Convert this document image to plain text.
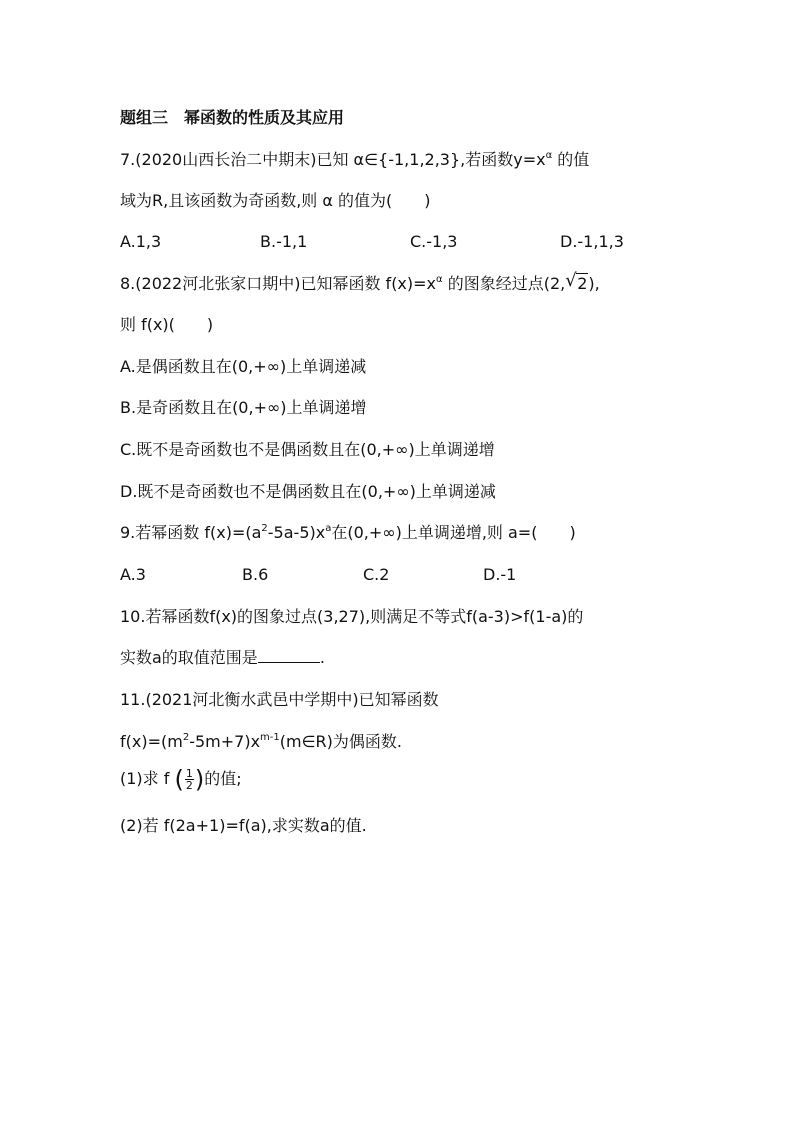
题组三　幂函数的性质及其应用
7.(2020山西长治二中期末)已知 α∈{-1,1,2,3},若函数$y=x^\alpha$ 的值
域为R,且该函数为奇函数,则 α 的值为(　　)
A.1,3	B.-1,1	C.-1,3	D.-1,1,3
8.(2022河北张家口期中)已知幂函数 $f(x)=x^\alpha$ 的图象经过点(2, √ 2),
则 f(x)(　　)
A.是偶函数且在(0,+∞)上单调递减
B.是奇函数且在(0,+∞)上单调递增
C.既不是奇函数也不是偶函数且在(0,+∞)上单调递增
D.既不是奇函数也不是偶函数且在(0,+∞)上单调递减
9.若幂函数 $f(x)=(a^2-5a-5)x^a$在(0,+∞)上单调递增,则 a=(　　)
A.3	B.6	C.2	D.-1
10.若幂函数f(x)的图象过点(3,27),则满足不等式f(a-3)>f(1-a)的
实数a的取值范围是	.
11.(2021河北衡水武邑中学期中)已知幂函数
$f(x)=(m^2-5m+7)x^{m-1}(m\in R)$为偶函数.
(1)求 f ( $\frac{1}{2}$ )的值;
(2)若 f(2a+1)=f(a),求实数a的值.
